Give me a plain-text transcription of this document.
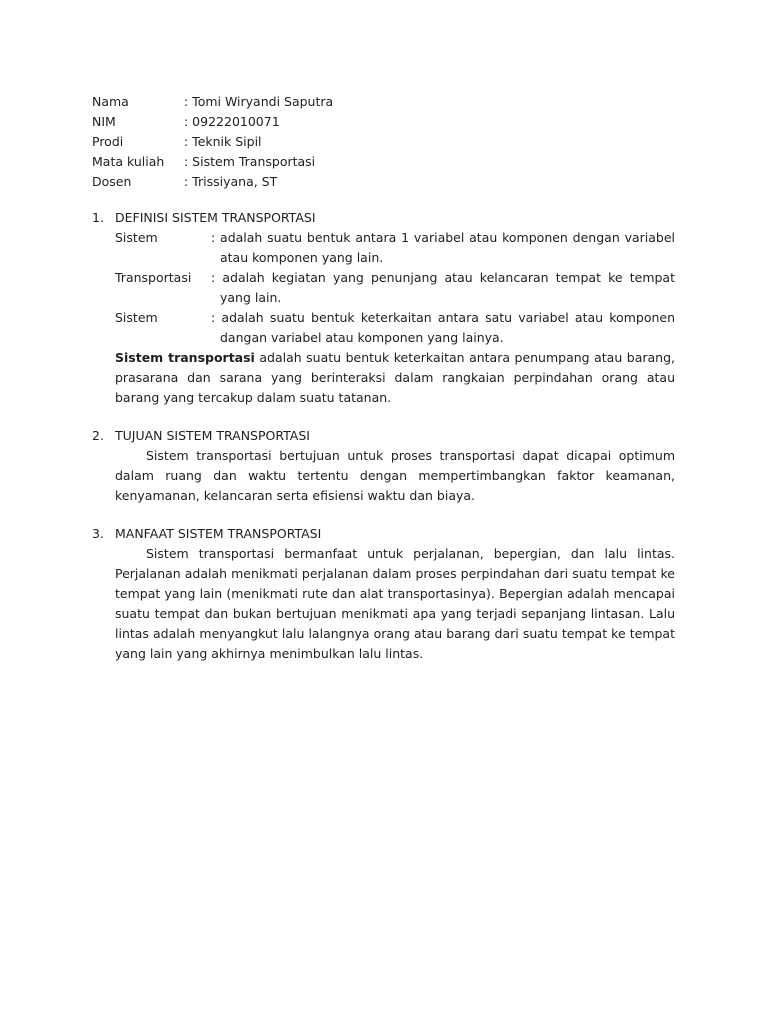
Nama	: Tomi Wiryandi Saputra
NIM	: 09222010071
Prodi	: Teknik Sipil
Mata kuliah : Sistem Transportasi
Dosen	: Trissiyana, ST
1. DEFINISI SISTEM TRANSPORTASI
Sistem	: adalah suatu bentuk antara 1 variabel atau komponen dengan variabel atau komponen yang lain.
Transportasi	: adalah kegiatan yang penunjang atau kelancaran tempat ke tempat yang lain.
Sistem	: adalah suatu bentuk keterkaitan antara satu variabel atau komponen dangan variabel atau komponen yang lainya.
Sistem transportasi adalah suatu bentuk keterkaitan antara penumpang atau barang, prasarana dan sarana yang berinteraksi dalam rangkaian perpindahan orang atau barang yang tercakup dalam suatu tatanan.
2. TUJUAN SISTEM TRANSPORTASI
Sistem transportasi bertujuan untuk proses transportasi dapat dicapai optimum dalam ruang dan waktu tertentu dengan mempertimbangkan faktor keamanan, kenyamanan, kelancaran serta efisiensi waktu dan biaya.
3. MANFAAT SISTEM TRANSPORTASI
Sistem transportasi bermanfaat untuk perjalanan, bepergian, dan lalu lintas. Perjalanan adalah menikmati perjalanan dalam proses perpindahan dari suatu tempat ke tempat yang lain (menikmati rute dan alat transportasinya). Bepergian adalah mencapai suatu tempat dan bukan bertujuan menikmati apa yang terjadi sepanjang lintasan. Lalu lintas adalah menyangkut lalu lalangnya orang atau barang dari suatu tempat ke tempat yang lain yang akhirnya menimbulkan lalu lintas.
